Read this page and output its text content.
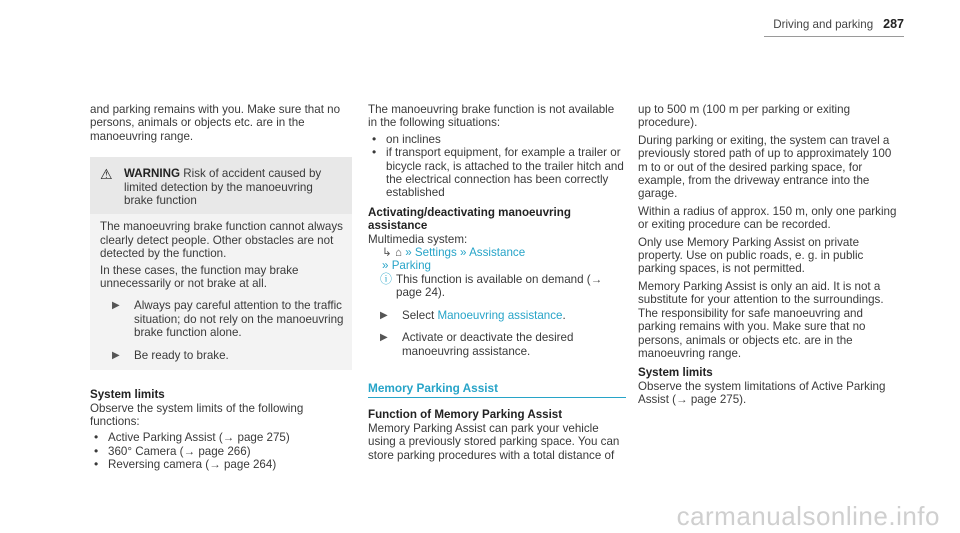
Driving and parking 287

and parking remains with you. Make sure that no persons, animals or objects etc. are in the manoeuvring range.

⚠ WARNING Risk of accident caused by limited detection by the manoeuvring brake function

The manoeuvring brake function cannot always clearly detect people. Other obstacles are not detected by the function.

In these cases, the function may brake unnecessarily or not brake at all.

▶	Always pay careful attention to the traffic situation; do not rely on the manoeuvring brake function alone.
▶	Be ready to brake.

System limits

Observe the system limits of the following functions:

• Active Parking Assist (→ page 275)
• 360° Camera (→ page 266)
• Reversing camera (→ page 264)

The manoeuvring brake function is not available in the following situations:

• on inclines
• if transport equipment, for example a trailer or bicycle rack, is attached to the trailer hitch and the electrical connection has been correctly established

Activating/deactivating manoeuvring assistance

Multimedia system:

↳ ⌂ » Settings » Assistance
» Parking
ⓘ This function is available on demand (→ page 24).
▶	Select Manoeuvring assistance.
▶	Activate or deactivate the desired manoeuvring assistance.

Memory Parking Assist

Function of Memory Parking Assist

Memory Parking Assist can park your vehicle using a previously stored parking space. You can store parking procedures with a total distance of

up to 500 m (100 m per parking or exiting procedure).

During parking or exiting, the system can travel a previously stored path of up to approximately 100 m to or out of the desired parking space, for example, from the driveway entrance into the garage.

Within a radius of approx. 150 m, only one parking or exiting procedure can be recorded.

Only use Memory Parking Assist on private property. Use on public roads, e. g. in public parking spaces, is not permitted.

Memory Parking Assist is only an aid. It is not a substitute for your attention to the surroundings. The responsibility for safe manoeuvring and parking remains with you. Make sure that no persons, animals or objects etc. are in the manoeuvring range.

System limits

Observe the system limitations of Active Parking Assist (→ page 275).

carmanualsonline.info
